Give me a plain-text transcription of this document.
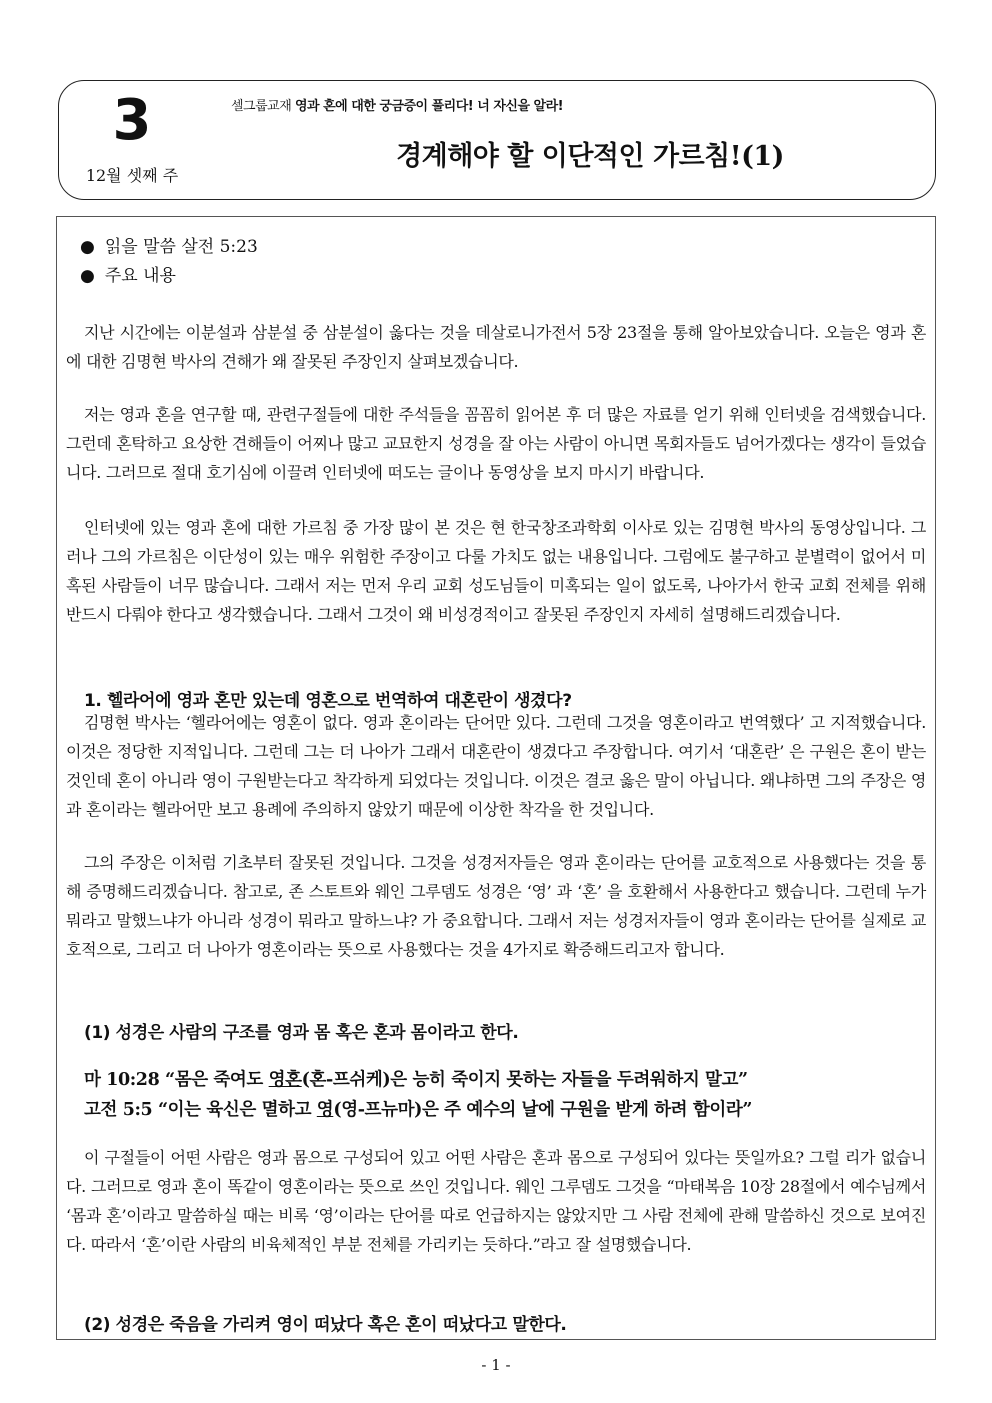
3
12월 셋째 주
셀그룹교재 영과 혼에 대한 궁금증이 풀리다! 너 자신을 알라!
경계해야 할 이단적인 가르침!(1)
● 읽을 말씀 살전 5:23
● 주요 내용

지난 시간에는 이분설과 삼분설 중 삼분설이 옳다는 것을 데살로니가전서 5장 23절을 통해 알아보았습니다. 오늘은 영과 혼에 대한 김명현 박사의 견해가 왜 잘못된 주장인지 살펴보겠습니다.

저는 영과 혼을 연구할 때, 관련구절들에 대한 주석들을 꼼꼼히 읽어본 후 더 많은 자료를 얻기 위해 인터넷을 검색했습니다. 그런데 혼탁하고 요상한 견해들이 어찌나 많고 교묘한지 성경을 잘 아는 사람이 아니면 목회자들도 넘어가겠다는 생각이 들었습니다. 그러므로 절대 호기심에 이끌려 인터넷에 떠도는 글이나 동영상을 보지 마시기 바랍니다.

인터넷에 있는 영과 혼에 대한 가르침 중 가장 많이 본 것은 현 한국창조과학회 이사로 있는 김명현 박사의 동영상입니다. 그러나 그의 가르침은 이단성이 있는 매우 위험한 주장이고 다룰 가치도 없는 내용입니다. 그럼에도 불구하고 분별력이 없어서 미혹된 사람들이 너무 많습니다. 그래서 저는 먼저 우리 교회 성도님들이 미혹되는 일이 없도록, 나아가서 한국 교회 전체를 위해 반드시 다뤄야 한다고 생각했습니다. 그래서 그것이 왜 비성경적이고 잘못된 주장인지 자세히 설명해드리겠습니다.

1. 헬라어에 영과 혼만 있는데 영혼으로 번역하여 대혼란이 생겼다?

김명현 박사는 ‘헬라어에는 영혼이 없다. 영과 혼이라는 단어만 있다. 그런데 그것을 영혼이라고 번역했다’ 고 지적했습니다. 이것은 정당한 지적입니다. 그런데 그는 더 나아가 그래서 대혼란이 생겼다고 주장합니다. 여기서 ‘대혼란’ 은 구원은 혼이 받는 것인데 혼이 아니라 영이 구원받는다고 착각하게 되었다는 것입니다. 이것은 결코 옳은 말이 아닙니다. 왜냐하면 그의 주장은 영과 혼이라는 헬라어만 보고 용례에 주의하지 않았기 때문에 이상한 착각을 한 것입니다.

그의 주장은 이처럼 기초부터 잘못된 것입니다. 그것을 성경저자들은 영과 혼이라는 단어를 교호적으로 사용했다는 것을 통해 증명해드리겠습니다. 참고로, 존 스토트와 웨인 그루뎀도 성경은 ‘영’ 과 ‘혼’ 을 호환해서 사용한다고 했습니다. 그런데 누가 뭐라고 말했느냐가 아니라 성경이 뭐라고 말하느냐? 가 중요합니다. 그래서 저는 성경저자들이 영과 혼이라는 단어를 실제로 교호적으로, 그리고 더 나아가 영혼이라는 뜻으로 사용했다는 것을 4가지로 확증해드리고자 합니다.

(1) 성경은 사람의 구조를 영과 몸 혹은 혼과 몸이라고 한다.

마 10:28 “몸은 죽여도 영혼(혼-프쉬케)은 능히 죽이지 못하는 자들을 두려워하지 말고”

고전 5:5 “이는 육신은 멸하고 영(영-프뉴마)은 주 예수의 날에 구원을 받게 하려 함이라”

이 구절들이 어떤 사람은 영과 몸으로 구성되어 있고 어떤 사람은 혼과 몸으로 구성되어 있다는 뜻일까요? 그럴 리가 없습니다. 그러므로 영과 혼이 똑같이 영혼이라는 뜻으로 쓰인 것입니다. 웨인 그루뎀도 그것을 “마태복음 10장 28절에서 예수님께서 ‘몸과 혼’이라고 말씀하실 때는 비록 ‘영’이라는 단어를 따로 언급하지는 않았지만 그 사람 전체에 관해 말씀하신 것으로 보여진다. 따라서 ‘혼’이란 사람의 비육체적인 부분 전체를 가리키는 듯하다.”라고 잘 설명했습니다.

(2) 성경은 죽음을 가리켜 영이 떠났다 혹은 혼이 떠났다고 말한다.

- 1 -
